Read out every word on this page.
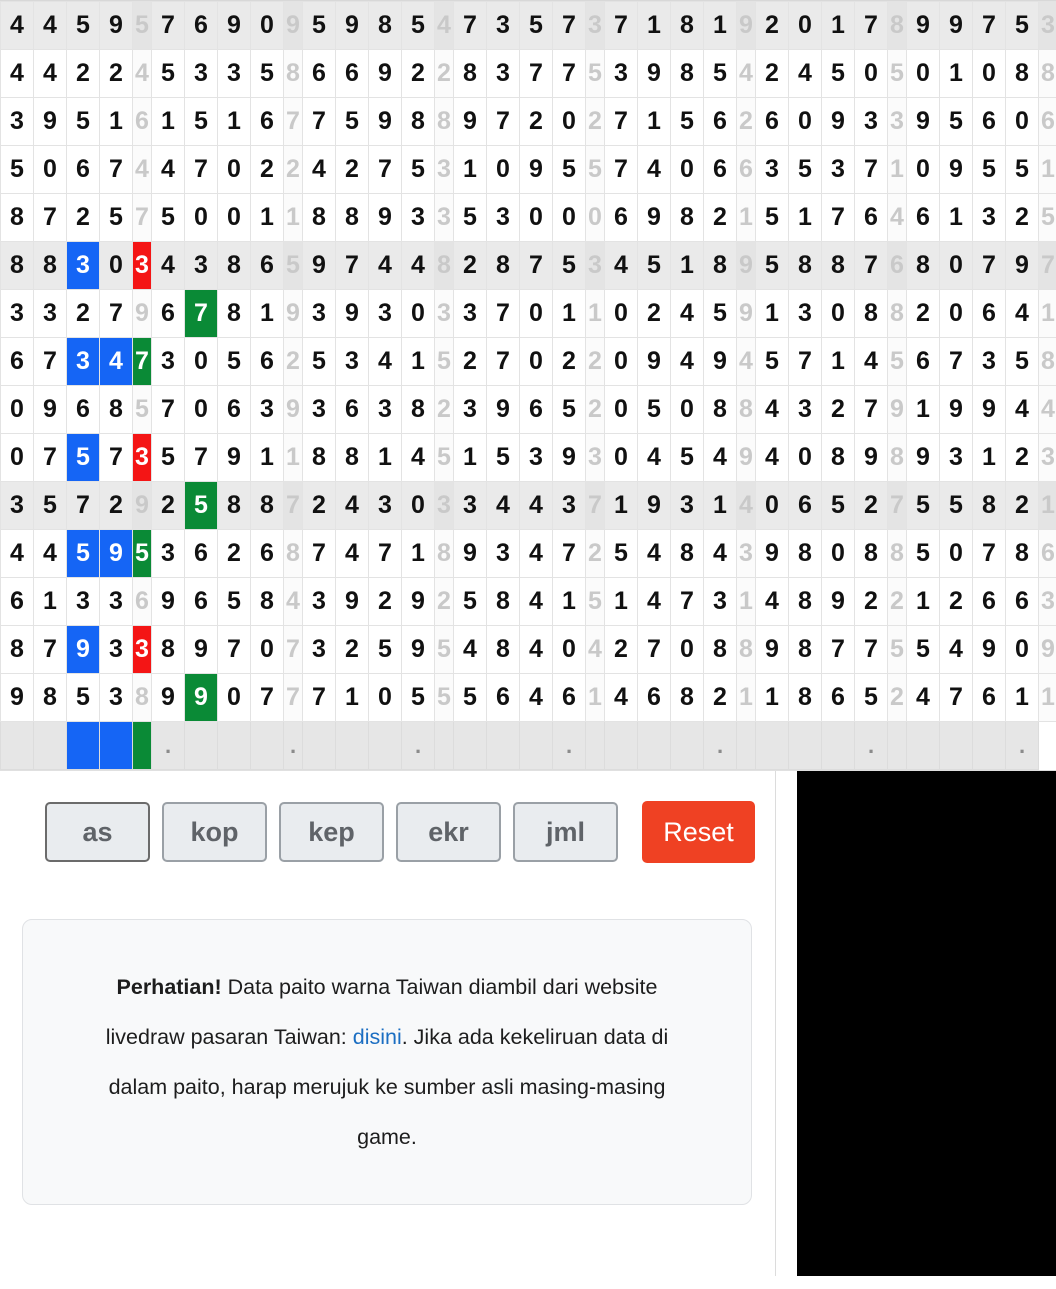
4	4	5	9	5	7	6	9	0	9	5	9	8	5	4	7	3	5	7	3	7	1	8	1	9	2	0	1	7	8	9	9	7	5	3
4	4	2	2	4	5	3	3	5	8	6	6	9	2	2	8	3	7	7	5	3	9	8	5	4	2	4	5	0	5	0	1	0	8	8
3	9	5	1	6	1	5	1	6	7	7	5	9	8	8	9	7	2	0	2	7	1	5	6	2	6	0	9	3	3	9	5	6	0	6
5	0	6	7	4	4	7	0	2	2	4	2	7	5	3	1	0	9	5	5	7	4	0	6	6	3	5	3	7	1	0	9	5	5	1
8	7	2	5	7	5	0	0	1	1	8	8	9	3	3	5	3	0	0	0	6	9	8	2	1	5	1	7	6	4	6	1	3	2	5
8	8	3	0	3	4	3	8	6	5	9	7	4	4	8	2	8	7	5	3	4	5	1	8	9	5	8	8	7	6	8	0	7	9	7
3	3	2	7	9	6	7	8	1	9	3	9	3	0	3	3	7	0	1	1	0	2	4	5	9	1	3	0	8	8	2	0	6	4	1
6	7	3	4	7	3	0	5	6	2	5	3	4	1	5	2	7	0	2	2	0	9	4	9	4	5	7	1	4	5	6	7	3	5	8
0	9	6	8	5	7	0	6	3	9	3	6	3	8	2	3	9	6	5	2	0	5	0	8	8	4	3	2	7	9	1	9	9	4	4
0	7	5	7	3	5	7	9	1	1	8	8	1	4	5	1	5	3	9	3	0	4	5	4	9	4	0	8	9	8	9	3	1	2	3
3	5	7	2	9	2	5	8	8	7	2	4	3	0	3	3	4	4	3	7	1	9	3	1	4	0	6	5	2	7	5	5	8	2	1
4	4	5	9	5	3	6	2	6	8	7	4	7	1	8	9	3	4	7	2	5	4	8	4	3	9	8	0	8	8	5	0	7	8	6
6	1	3	3	6	9	6	5	8	4	3	9	2	9	2	5	8	4	1	5	1	4	7	3	1	4	8	9	2	2	1	2	6	6	3
8	7	9	3	3	8	9	7	0	7	3	2	5	9	5	4	8	4	0	4	2	7	0	8	8	9	8	7	7	5	5	4	9	0	9
9	8	5	3	8	9	9	0	7	7	7	1	0	5	5	5	6	4	6	1	4	6	8	2	1	1	8	6	5	2	4	7	6	1	1
					.				.				.					.					.					.					.	
as	kop	kep	ekr	jml	Reset
Perhatian! Data paito warna Taiwan diambil dari website livedraw pasaran Taiwan: disini. Jika ada kekeliruan data di dalam paito, harap merujuk ke sumber asli masing-masing game.
